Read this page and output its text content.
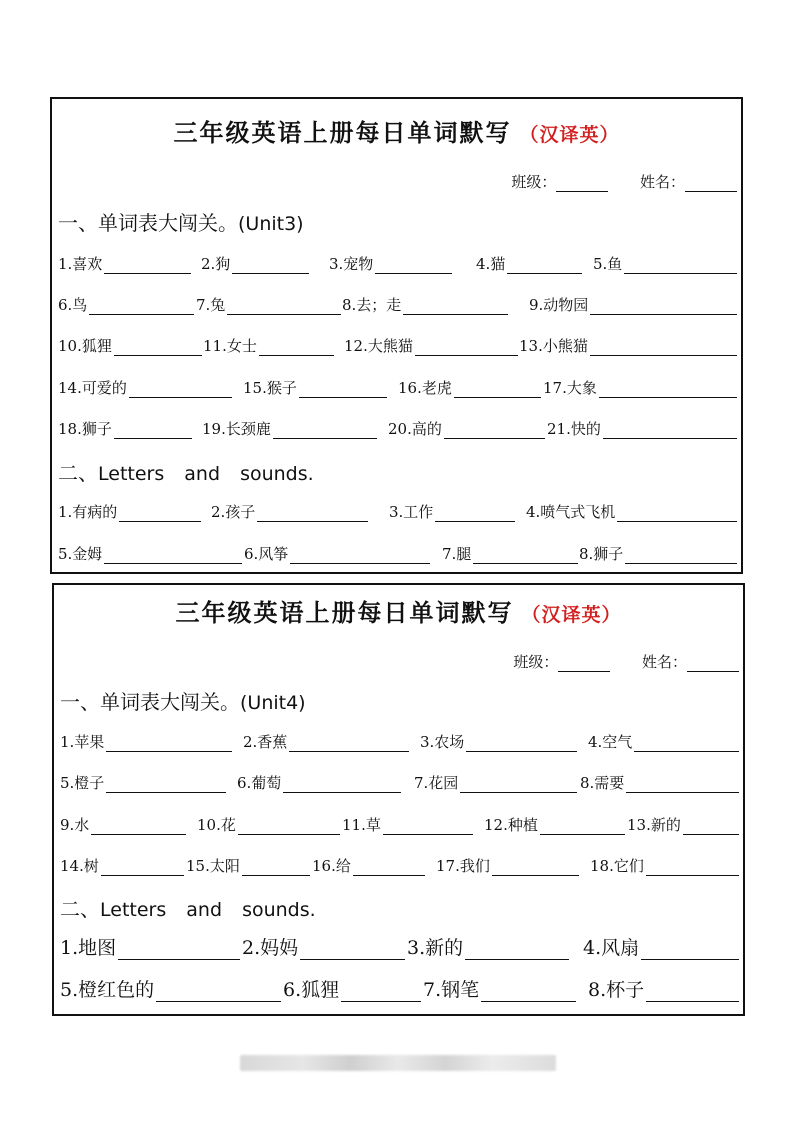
三年级英语上册每日单词默写 （汉译英）
班级：	姓名：
一、单词表大闯关。(Unit3)
1.喜欢	2.狗	3.宠物	4.猫	5.鱼
6.鸟	7.兔	8.去；走	9.动物园
10.狐狸	11.女士	12.大熊猫	13.小熊猫
14.可爱的	15.猴子	16.老虎	17.大象
18.狮子	19.长颈鹿	20.高的	21.快的
二、Letters and sounds.
1.有病的	2.孩子	3.工作	4.喷气式飞机
5.金姆	6.风筝	7.腿	8.狮子
三年级英语上册每日单词默写 （汉译英）
班级：	姓名：
一、单词表大闯关。(Unit4)
1.苹果	2.香蕉	3.农场	4.空气
5.橙子	6.葡萄	7.花园	8.需要
9.水	10.花	11.草	12.种植	13.新的
14.树	15.太阳	16.给	17.我们	18.它们
二、Letters and sounds.
1.地图	2.妈妈	3.新的	4.风扇
5.橙红色的	6.狐狸	7.钢笔	8.杯子
